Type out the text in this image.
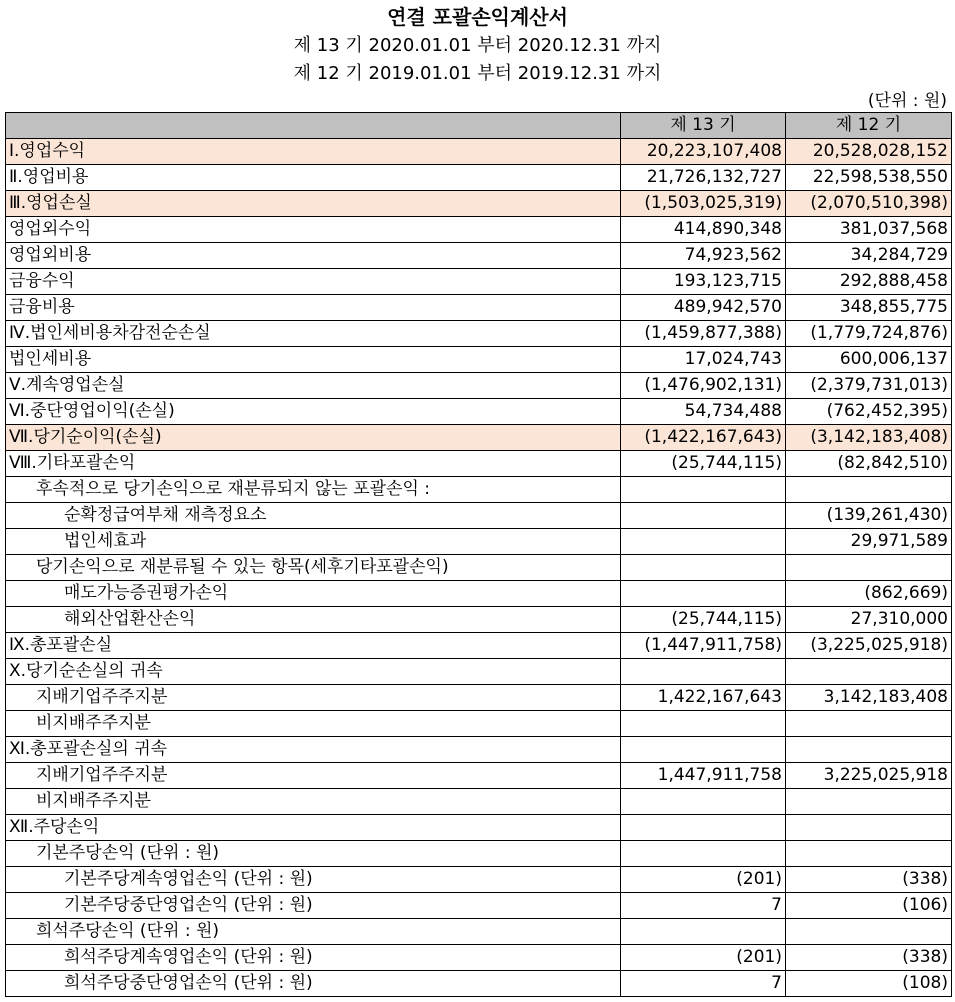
연결 포괄손익계산서
제 13 기 2020.01.01 부터 2020.12.31 까지
제 12 기 2019.01.01 부터 2019.12.31 까지
(단위 : 원)
	제 13 기	제 12 기
Ⅰ.영업수익	20,223,107,408	20,528,028,152
Ⅱ.영업비용	21,726,132,727	22,598,538,550
Ⅲ.영업손실	(1,503,025,319)	(2,070,510,398)
영업외수익	414,890,348	381,037,568
영업외비용	74,923,562	34,284,729
금융수익	193,123,715	292,888,458
금융비용	489,942,570	348,855,775
Ⅳ.법인세비용차감전순손실	(1,459,877,388)	(1,779,724,876)
법인세비용	17,024,743	600,006,137
Ⅴ.계속영업손실	(1,476,902,131)	(2,379,731,013)
Ⅵ.중단영업이익(손실)	54,734,488	(762,452,395)
Ⅶ.당기순이익(손실)	(1,422,167,643)	(3,142,183,408)
Ⅷ.기타포괄손익	(25,744,115)	(82,842,510)
후속적으로 당기손익으로 재분류되지 않는 포괄손익 :		
순확정급여부채 재측정요소		(139,261,430)
법인세효과		29,971,589
당기손익으로 재분류될 수 있는 항목(세후기타포괄손익)		
매도가능증권평가손익		(862,669)
해외산업환산손익	(25,744,115)	27,310,000
Ⅸ.총포괄손실	(1,447,911,758)	(3,225,025,918)
Ⅹ.당기순손실의 귀속		
지배기업주주지분	1,422,167,643	3,142,183,408
비지배주주지분		
Ⅺ.총포괄손실의 귀속		
지배기업주주지분	1,447,911,758	3,225,025,918
비지배주주지분		
Ⅻ.주당손익		
기본주당손익 (단위 : 원)		
기본주당계속영업손익 (단위 : 원)	(201)	(338)
기본주당중단영업손익 (단위 : 원)	7	(106)
희석주당손익 (단위 : 원)		
희석주당계속영업손익 (단위 : 원)	(201)	(338)
희석주당중단영업손익 (단위 : 원)	7	(108)
